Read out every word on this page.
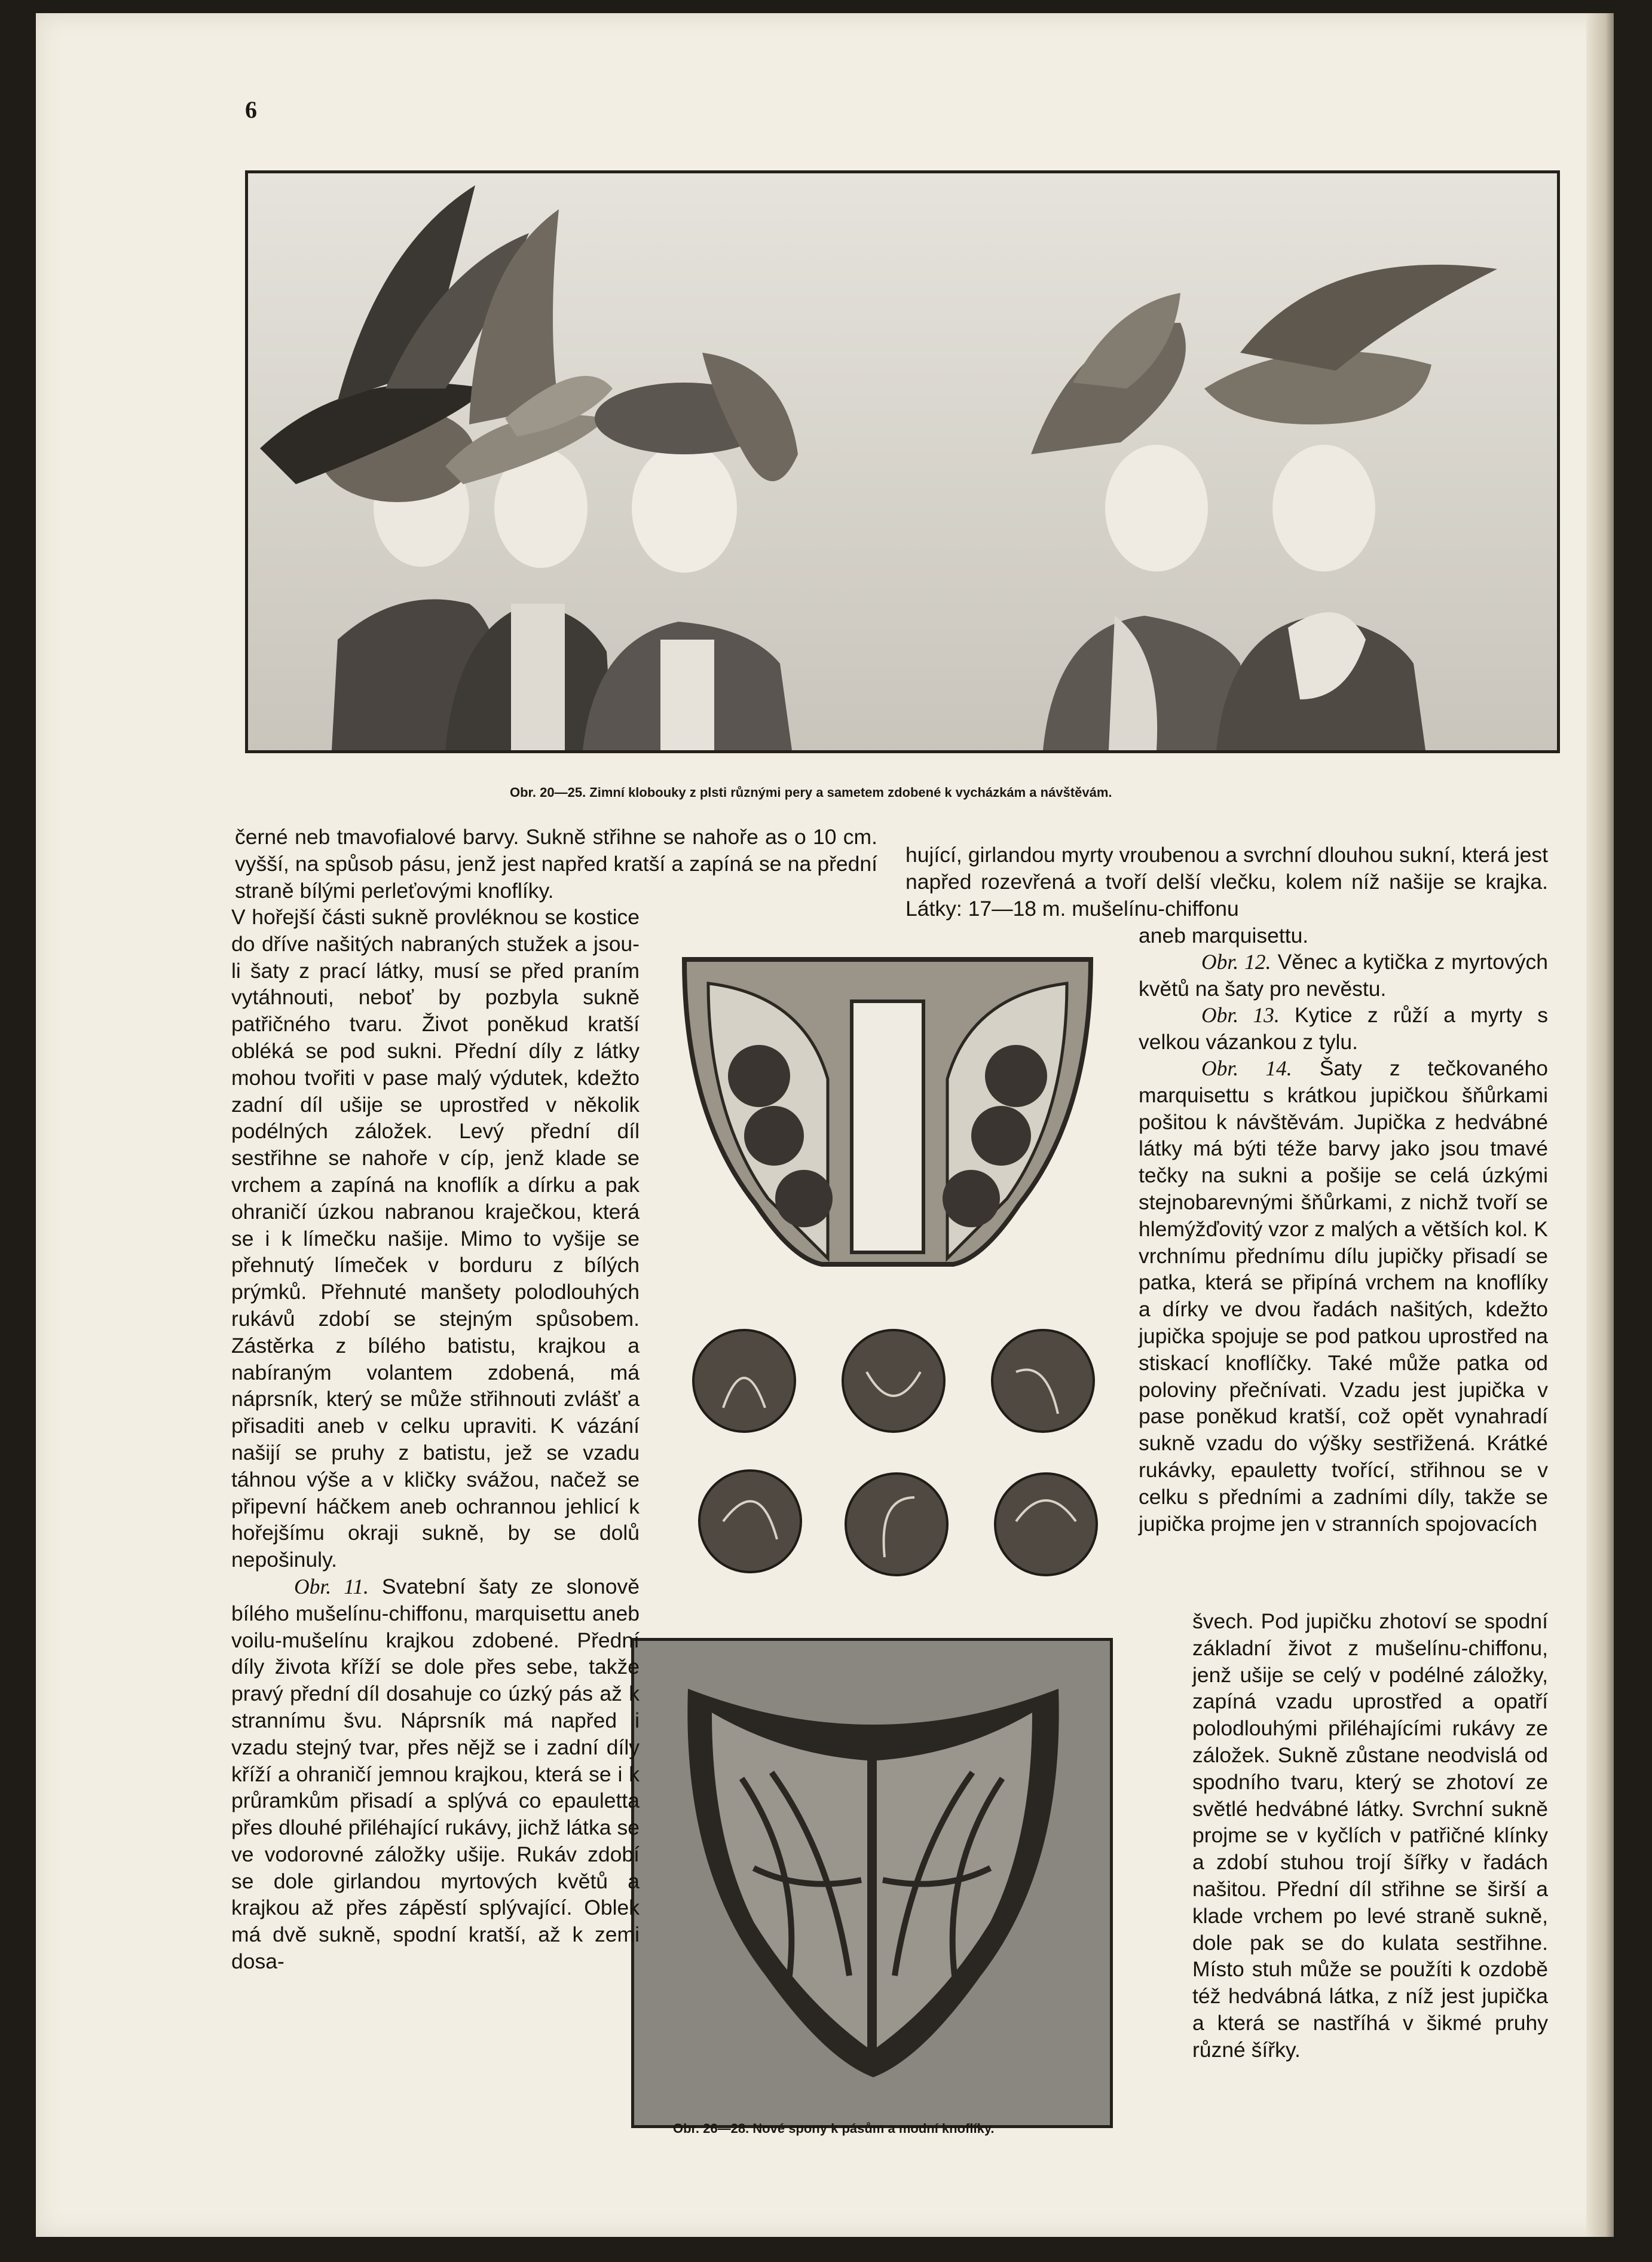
6
Obr. 20—25. Zimní klobouky z plsti různými pery a sametem zdobené k vycházkám a návštěvám.
Obr. 26—28. Nové spony k pásům a modní knoflíky.

černé neb tmavofialové barvy. Sukně střihne se nahoře as o 10 cm. vyšší, na spůsob pásu, jenž jest napřed kratší a zapíná se na přední straně bílými perleťovými knoflíky.

V hořejší části sukně provléknou se kostice do dříve našitých nabraných stužek a jsou-li šaty z prací látky, musí se před praním vytáhnouti, neboť by pozbyla sukně patřičného tvaru. Život poněkud kratší obléká se pod sukni. Přední díly z látky mohou tvořiti v pase malý výdutek, kdežto zadní díl ušije se uprostřed v několik podélných záložek. Levý přední díl sestřihne se nahoře v cíp, jenž klade se vrchem a zapíná na knoflík a dírku a pak ohraničí úzkou nabranou kraječkou, která se i k límečku našije. Mimo to vyšije se přehnutý límeček v borduru z bílých prýmků. Přehnuté manšety polodlouhých rukávů zdobí se stejným spůsobem. Zástěrka z bílého batistu, krajkou a nabíraným volantem zdobená, má náprsník, který se může střihnouti zvlášť a přisaditi aneb v celku upraviti. K vázání našijí se pruhy z batistu, jež se vzadu táhnou výše a v kličky svážou, načež se připevní háčkem aneb ochrannou jehlicí k hořejšímu okraji sukně, by se dolů nepošinuly.

Obr. 11. Svatební šaty ze slonově bílého mušelínu-chiffonu, marquisettu aneb voilu-mušelínu krajkou zdobené. Přední díly života kříží se dole přes sebe, takže pravý přední díl dosahuje co úzký pás až k strannímu švu. Náprsník má napřed i vzadu stejný tvar, přes nějž se i zadní díly kříží a ohraničí jemnou krajkou, která se i k průramkům přisadí a splývá co epauletta přes dlouhé přiléhající rukávy, jichž látka se ve vodorovné záložky ušije. Rukáv zdobí se dole girlandou myrtových květů a krajkou až přes zápěstí splývající. Oblek má dvě sukně, spodní kratší, až k zemi dosa-

hující, girlandou myrty vroubenou a svrchní dlouhou sukní, která jest napřed rozevřená a tvoří delší vlečku, kolem níž našije se krajka. Látky: 17—18 m. mušelínu-chiffonu

aneb marquisettu.

Obr. 12. Věnec a kytička z myrtových květů na šaty pro nevěstu.

Obr. 13. Kytice z růží a myrty s velkou vázankou z tylu.

Obr. 14. Šaty z tečkovaného marquisettu s krátkou jupičkou šňůrkami pošitou k návštěvám. Jupička z hedvábné látky má býti téže barvy jako jsou tmavé tečky na sukni a pošije se celá úzkými stejnobarevnými šňůrkami, z nichž tvoří se hlemýžďovitý vzor z malých a větších kol. K vrchnímu přednímu dílu jupičky přisadí se patka, která se připíná vrchem na knoflíky a dírky ve dvou řadách našitých, kdežto jupička spojuje se pod patkou uprostřed na stiskací knoflíčky. Také může patka od poloviny přečnívati. Vzadu jest jupička v pase poněkud kratší, což opět vynahradí sukně vzadu do výšky sestřižená. Krátké rukávky, epauletty tvořící, střihnou se v celku s předními a zadními díly, takže se jupička projme jen v stranních spojovacích

švech. Pod jupičku zhotoví se spodní základní život z mušelínu-chiffonu, jenž ušije se celý v podélné záložky, zapíná vzadu uprostřed a opatří polodlouhými přiléhajícími rukávy ze záložek. Sukně zůstane neodvislá od spodního tvaru, který se zhotoví ze světlé hedvábné látky. Svrchní sukně projme se v kyčlích v patřičné klínky a zdobí stuhou trojí šířky v řadách našitou. Přední díl střihne se širší a klade vrchem po levé straně sukně, dole pak se do kulata sestřihne. Místo stuh může se použíti k ozdobě též hedvábná látka, z níž jest jupička a která se nastříhá v šikmé pruhy různé šířky.
